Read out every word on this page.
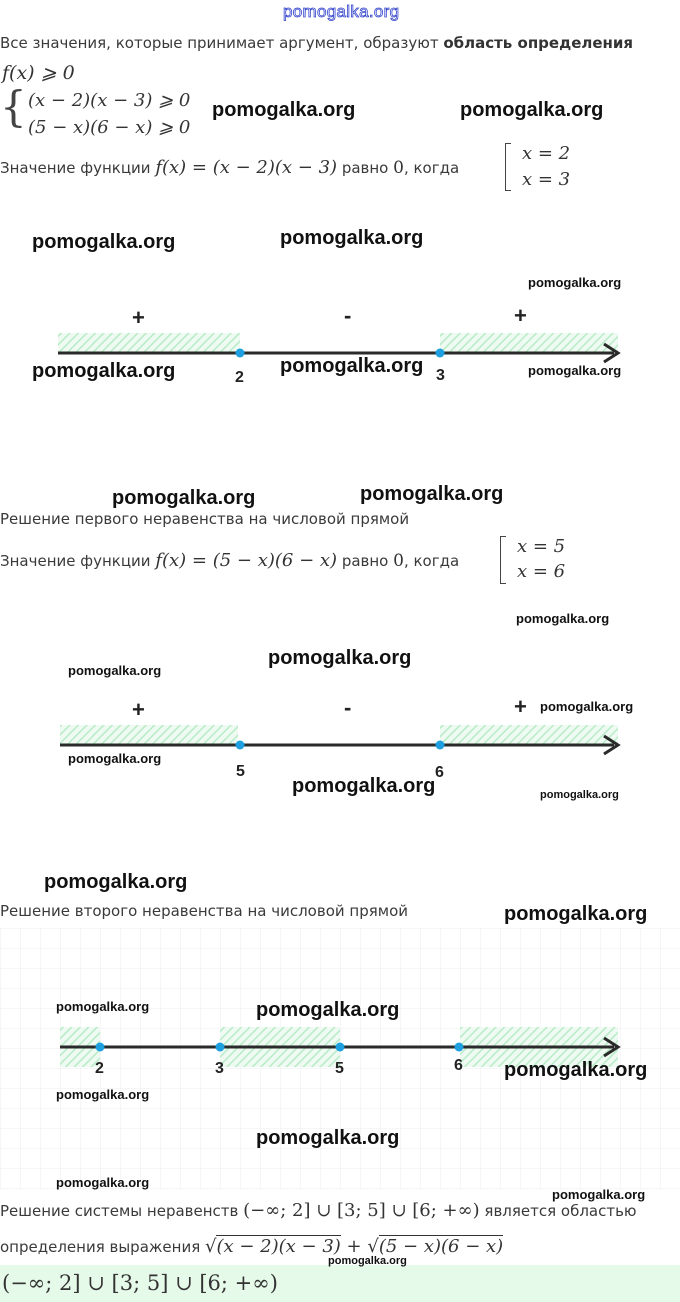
pomogalka.org
Все значения, которые принимает аргумент, образуют область определения
f(x) ⩾ 0
{ (x − 2)(x − 3) ⩾ 0
(5 − x)(6 − x) ⩾ 0
Значение функции f(x) = (x − 2)(x − 3) равно 0, когда
x = 2
x = 3
+	-	+
2	3
Решение первого неравенства на числовой прямой
Значение функции f(x) = (5 − x)(6 − x) равно 0, когда
x = 5
x = 6
+	-	+
5	6
Решение второго неравенства на числовой прямой
2	3	5	6
Решение системы неравенств (−∞; 2] ∪ [3; 5] ∪ [6; +∞) является областью
определения выражения √(x − 2)(x − 3) + √(5 − x)(6 − x)
(−∞; 2] ∪ [3; 5] ∪ [6; +∞)
pomogalka.org	pomogalka.org
pomogalka.org	pomogalka.org
pomogalka.org
pomogalka.org	pomogalka.org	pomogalka.org
pomogalka.org	pomogalka.org
pomogalka.org
pomogalka.org
pomogalka.org
pomogalka.org
pomogalka.org
pomogalka.org	pomogalka.org
pomogalka.org
pomogalka.org
pomogalka.org	pomogalka.org
pomogalka.org
pomogalka.org
pomogalka.org
pomogalka.org
pomogalka.org
pomogalka.org
